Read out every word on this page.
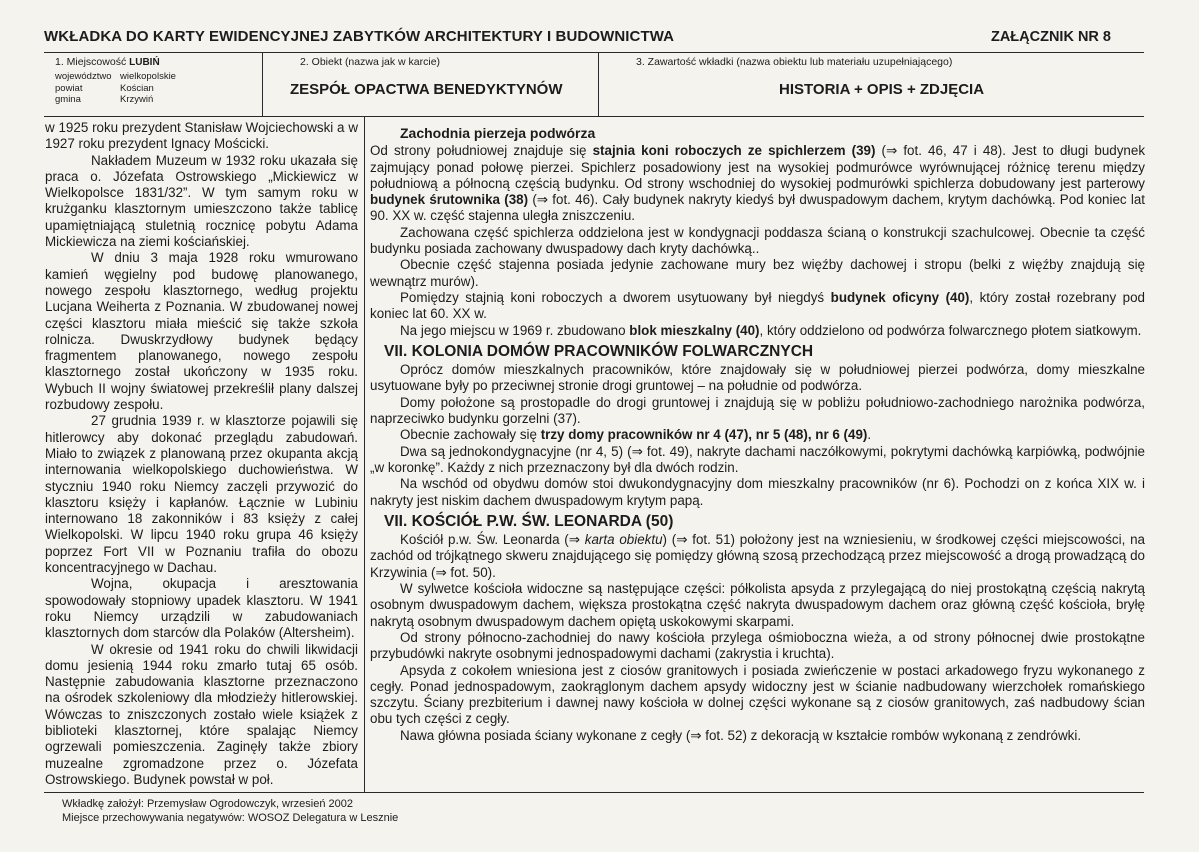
WKŁADKA DO KARTY EWIDENCYJNEJ ZABYTKÓW ARCHITEKTURY I BUDOWNICTWA	ZAŁĄCZNIK NR 8
1. Miejscowość LUBIŃ
województwo wielkopolskie
powiat	Kościan
gmina	Krzywiń
2. Obiekt (nazwa jak w karcie)
ZESPÓŁ OPACTWA BENEDYKTYNÓW
3. Zawartość wkładki (nazwa obiektu lub materiału uzupełniającego)
HISTORIA + OPIS + ZDJĘCIA

w 1925 roku prezydent Stanisław Wojciechowski a w 1927 roku prezydent Ignacy Mościcki.

Nakładem Muzeum w 1932 roku ukazała się praca o. Józefata Ostrowskiego „Mickiewicz w Wielkopolsce 1831/32”. W tym samym roku w krużganku klasztornym umieszczono także tablicę upamiętniającą stuletnią rocznicę pobytu Adama Mickiewicza na ziemi kościańskiej.

W dniu 3 maja 1928 roku wmurowano kamień węgielny pod budowę planowanego, nowego zespołu klasztornego, według projektu Lucjana Weiherta z Poznania. W zbudowanej nowej części klasztoru miała mieścić się także szkoła rolnicza. Dwuskrzydłowy budynek będący fragmentem planowanego, nowego zespołu klasztornego został ukończony w 1935 roku. Wybuch II wojny światowej przekreślił plany dalszej rozbudowy zespołu.

27 grudnia 1939 r. w klasztorze pojawili się hitlerowcy aby dokonać przeglądu zabudowań. Miało to związek z planowaną przez okupanta akcją internowania wielkopolskiego duchowieństwa. W styczniu 1940 roku Niemcy zaczęli przywozić do klasztoru księży i kapłanów. Łącznie w Lubiniu internowano 18 zakonników i 83 księży z całej Wielkopolski. W lipcu 1940 roku grupa 46 księży poprzez Fort VII w Poznaniu trafiła do obozu koncentracyjnego w Dachau.

Wojna, okupacja i aresztowania spowodowały stopniowy upadek klasztoru. W 1941 roku Niemcy urządzili w zabudowaniach klasztornych dom starców dla Polaków (Altersheim).

W okresie od 1941 roku do chwili likwidacji domu jesienią 1944 roku zmarło tutaj 65 osób. Następnie zabudowania klasztorne przeznaczono na ośrodek szkoleniowy dla młodzieży hitlerowskiej. Wówczas to zniszczonych zostało wiele książek z biblioteki klasztornej, które spalając Niemcy ogrzewali pomieszczenia. Zaginęły także zbiory muzealne zgromadzone przez o. Józefata Ostrowskiego. Budynek powstał w poł.

Zachodnia pierzeja podwórza

Od strony południowej znajduje się stajnia koni roboczych ze spichlerzem (39) (⇒ fot. 46, 47 i 48). Jest to długi budynek zajmujący ponad połowę pierzei. Spichlerz posadowiony jest na wysokiej podmurówce wyrównującej różnicę terenu między południową a północną częścią budynku. Od strony wschodniej do wysokiej podmurówki spichlerza dobudowany jest parterowy budynek śrutownika (38) (⇒ fot. 46). Cały budynek nakryty kiedyś był dwuspadowym dachem, krytym dachówką. Pod koniec lat 90. XX w. część stajenna uległa zniszczeniu.

Zachowana część spichlerza oddzielona jest w kondygnacji poddasza ścianą o konstrukcji szachulcowej. Obecnie ta część budynku posiada zachowany dwuspadowy dach kryty dachówką..

Obecnie część stajenna posiada jedynie zachowane mury bez więźby dachowej i stropu (belki z więźby znajdują się wewnątrz murów).

Pomiędzy stajnią koni roboczych a dworem usytuowany był niegdyś budynek oficyny (40), który został rozebrany pod koniec lat 60. XX w.

Na jego miejscu w 1969 r. zbudowano blok mieszkalny (40), który oddzielono od podwórza folwarcznego płotem siatkowym.

VII. KOLONIA DOMÓW PRACOWNIKÓW FOLWARCZNYCH

Oprócz domów mieszkalnych pracowników, które znajdowały się w południowej pierzei podwórza, domy mieszkalne usytuowane były po przeciwnej stronie drogi gruntowej – na południe od podwórza.

Domy położone są prostopadle do drogi gruntowej i znajdują się w pobliżu południowo-zachodniego narożnika podwórza, naprzeciwko budynku gorzelni (37).

Obecnie zachowały się trzy domy pracowników nr 4 (47), nr 5 (48), nr 6 (49).

Dwa są jednokondygnacyjne (nr 4, 5) (⇒ fot. 49), nakryte dachami naczółkowymi, pokrytymi dachówką karpiówką, podwójnie „w koronkę”. Każdy z nich przeznaczony był dla dwóch rodzin.

Na wschód od obydwu domów stoi dwukondygnacyjny dom mieszkalny pracowników (nr 6). Pochodzi on z końca XIX w. i nakryty jest niskim dachem dwuspadowym krytym papą.

VII. KOŚCIÓŁ P.W. ŚW. LEONARDA (50)

Kościół p.w. Św. Leonarda (⇒ karta obiektu) (⇒ fot. 51) położony jest na wzniesieniu, w środkowej części miejscowości, na zachód od trójkątnego skweru znajdującego się pomiędzy główną szosą przechodzącą przez miejscowość a drogą prowadzącą do Krzywinia (⇒ fot. 50).

W sylwetce kościoła widoczne są następujące części: półkolista apsyda z przylegającą do niej prostokątną częścią nakrytą osobnym dwuspadowym dachem, większa prostokątna część nakryta dwuspadowym dachem oraz główną część kościoła, bryłę nakrytą osobnym dwuspadowym dachem opiętą uskokowymi skarpami.

Od strony północno-zachodniej do nawy kościoła przylega ośmioboczna wieża, a od strony północnej dwie prostokątne przybudówki nakryte osobnymi jednospadowymi dachami (zakrystia i kruchta).

Apsyda z cokołem wniesiona jest z ciosów granitowych i posiada zwieńczenie w postaci arkadowego fryzu wykonanego z cegły. Ponad jednospadowym, zaokrąglonym dachem apsydy widoczny jest w ścianie nadbudowany wierzchołek romańskiego szczytu. Ściany prezbiterium i dawnej nawy kościoła w dolnej części wykonane są z ciosów granitowych, zaś nadbudowy ścian obu tych części z cegły.

Nawa główna posiada ściany wykonane z cegły (⇒ fot. 52) z dekoracją w kształcie rombów wykonaną z zendrówki.

Wkładkę założył: Przemysław Ogrodowczyk, wrzesień 2002
Miejsce przechowywania negatywów: WOSOZ Delegatura w Lesznie
